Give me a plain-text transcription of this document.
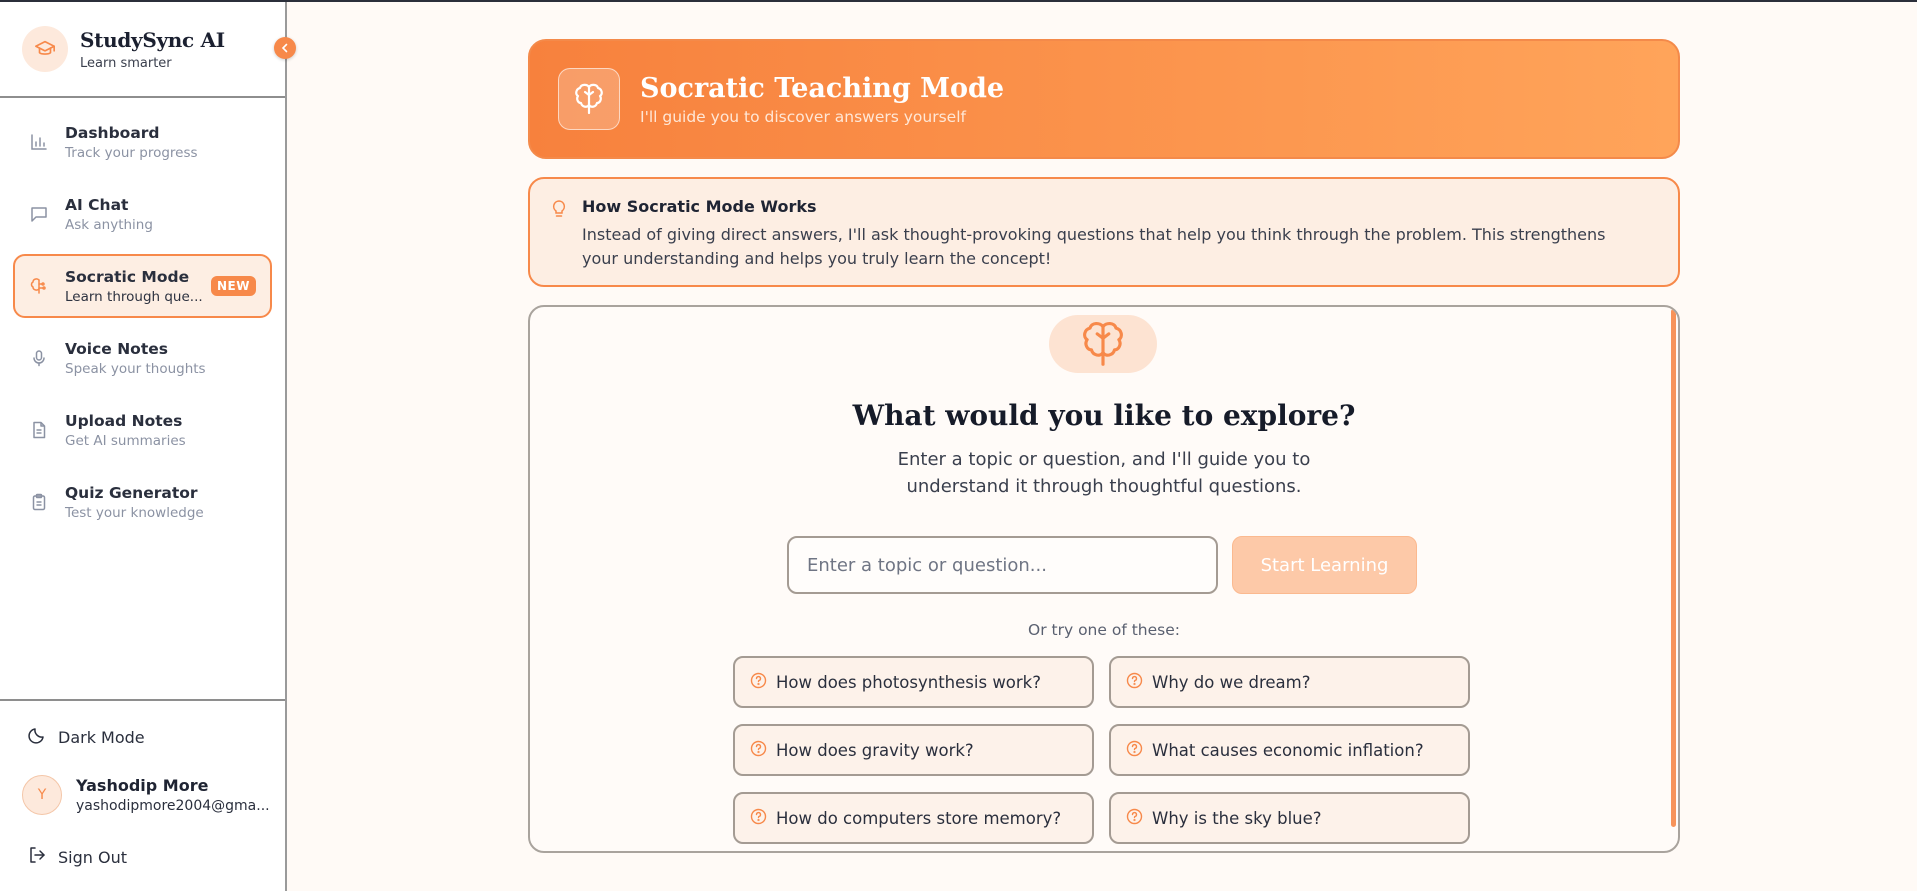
StudySync AI
Learn smarter
Dashboard
Track your progress
AI Chat
Ask anything
Socratic Mode
Learn through que...
NEW
Voice Notes
Speak your thoughts
Upload Notes
Get AI summaries
Quiz Generator
Test your knowledge
Dark Mode
Y	Yashodip More
yashodipmore2004@gma...
Sign Out
Socratic Teaching Mode
I'll guide you to discover answers yourself
How Socratic Mode Works
Instead of giving direct answers, I'll ask thought-provoking questions that help you think through the problem. This strengthens your understanding and helps you truly learn the concept!
What would you like to explore?
Enter a topic or question, and I'll guide you to
understand it through thoughtful questions.
Enter a topic or question...
Start Learning
Or try one of these:
How does photosynthesis work?	Why do we dream?
How does gravity work?	What causes economic inflation?
How do computers store memory?	Why is the sky blue?
